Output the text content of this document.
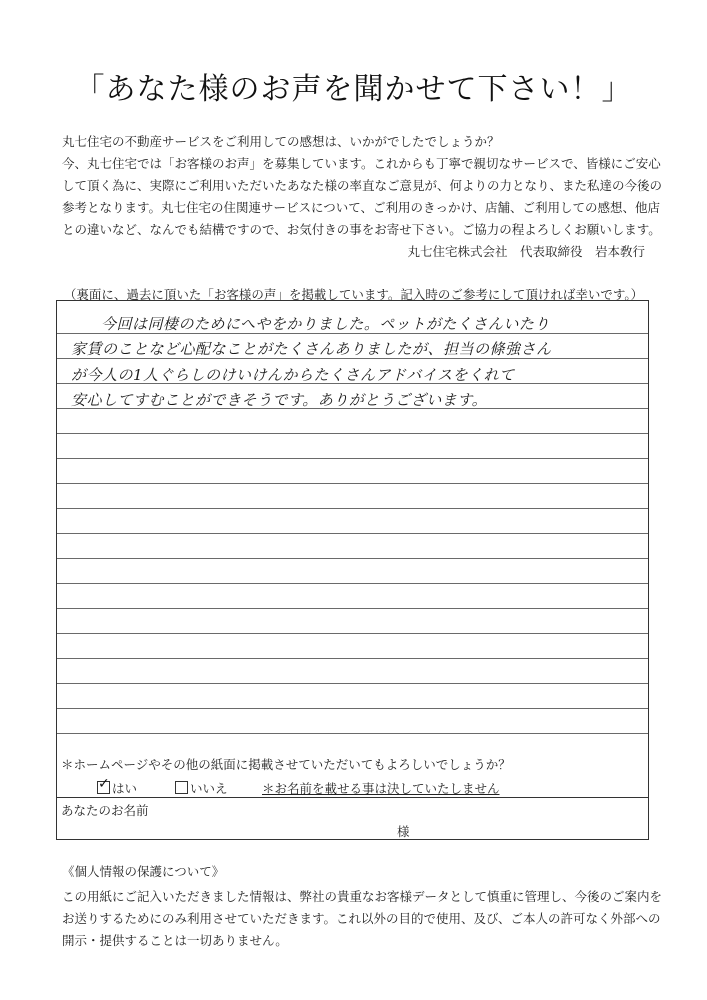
「あなた様のお声を聞かせて下さい！」

丸七住宅の不動産サービスをご利用しての感想は、いかがでしたでしょうか？

今、丸七住宅では「お客様のお声」を募集しています。これからも丁寧で親切なサービスで、皆様にご安心

して頂く為に、実際にご利用いただいたあなた様の率直なご意見が、何よりの力となり、また私達の今後の

参考となります。丸七住宅の住関連サービスについて、ご利用のきっかけ、店舗、ご利用しての感想、他店

との違いなど、なんでも結構ですので、お気付きの事をお寄せ下さい。ご協力の程よろしくお願いします。

丸七住宅株式会社　代表取締役　岩本敎行
（裏面に、過去に頂いた「お客様の声」を掲載しています。記入時のご参考にして頂ければ幸いです。）
今回は同棲のためにへやをかりました。ペットがたくさんいたり
家賃のことなど心配なことがたくさんありましたが、担当の條強さん
が今人の1人ぐらしのけいけんからたくさんアドバイスをくれて
安心してすむことができそうです。ありがとうございます。
＊ホームページやその他の紙面に掲載させていただいてもよろしいでしょうか？
✓はい	いいえ	＊お名前を載せる事は決していたしません
あなたのお名前
様
《個人情報の保護について》

この用紙にご記入いただきました情報は、弊社の貴重なお客様データとして慎重に管理し、今後のご案内を

お送りするためにのみ利用させていただきます。これ以外の目的で使用、及び、ご本人の許可なく外部への

開示・提供することは一切ありません。
